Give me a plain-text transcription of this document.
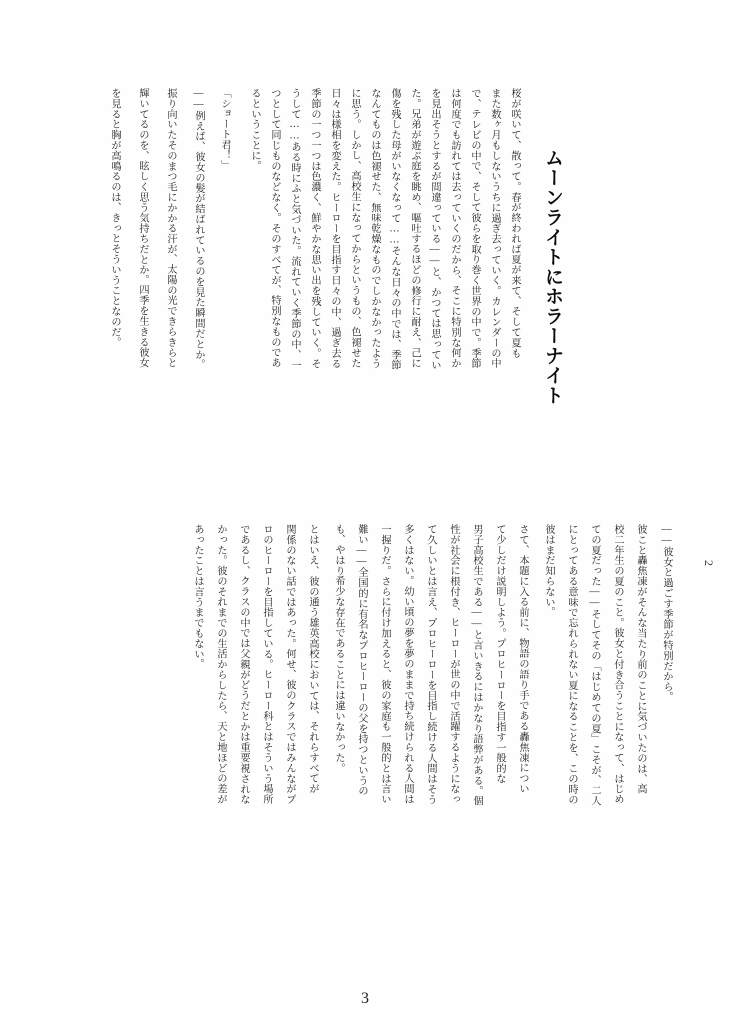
ムーンライトにホラーナイト
桜が咲いて、散って。春が終われば夏が来て、そして夏も
また数ヶ月もしないうちに過ぎ去っていく。カレンダーの中
で、テレビの中で、そして彼らを取り巻く世界の中で。季節
は何度でも訪れては去っていくのだから、そこに特別な何か
を見出そうとするが間違っている――と、かつては思ってい
た。兄弟が遊ぶ庭を眺め、嘔吐するほどの修行に耐え、己に
傷を残した母がいなくなって……そんな日々の中では、季節
なんてものは色褪せた、無味乾燥なものでしかなかったよう
に思う。しかし、高校生になってからというもの、色褪せた
日々は様相を変えた。ヒーローを目指す日々の中、過ぎ去る
季節の一つ一つは色濃く、鮮やかな思い出を残していく。そ
うして……ある時にふと気づいた。流れていく季節の中、一
つとして同じものなどなく。そのすべてが、特別なものであ
るということに。
「ショート君！」
――例えば、彼女の髪が結ばれているのを見た瞬間だとか。
振り向いたそのまつ毛にかかる汗が、太陽の光できらきらと
輝いてるのを、眩しく思う気持ちだとか。四季を生きる彼女
を見ると胸が高鳴るのは、きっとそういうことなのだ。
――彼女と過ごす季節が特別だから。
彼こと轟焦凍がそんな当たり前のことに気づいたのは、高
校二年生の夏のこと。彼女と付き合うことになって、はじめ
ての夏だった――そしてその「はじめての夏」こそが、二人
にとってある意味で忘れられない夏になることを、この時の
彼はまだ知らない。
さて、本題に入る前に、物語の語り手である轟焦凍につい
て少しだけ説明しよう。プロヒーローを目指す一般的な
男子高校生である――と言いきるにはかなり語弊がある。個
性が社会に根付き、ヒーローが世の中で活躍するようになっ
て久しいとは言え、プロヒーローを目指し続ける人間はそう
多くはない。幼い頃の夢を夢のままで持ち続けられる人間は
一握りだ。さらに付け加えると、彼の家庭も一般的とは言い
難い――全国的に有名なプロヒーローの父を持つというの
も、やはり希少な存在であることには違いなかった。
とはいえ、彼の通う雄英高校においては、それらすべてが
関係のない話ではあった。何せ、彼のクラスではみんながプ
ロのヒーローを目指している。ヒーロー科とはそういう場所
であるし、クラスの中では父親がどうだとかは重要視されな
かった。彼のそれまでの生活からしたら、天と地ほどの差が
あったことは言うまでもない。	2
3
